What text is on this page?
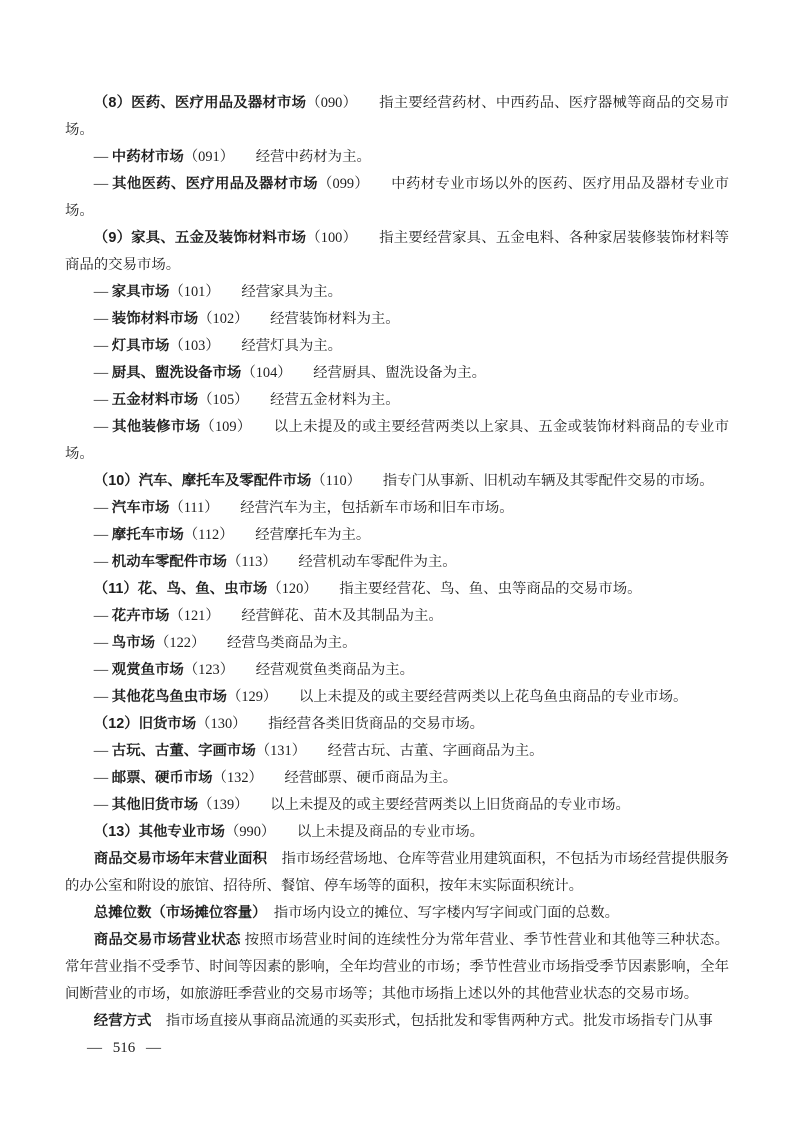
（8）医药、医疗用品及器材市场（090）　　指主要经营药材、中西药品、医疗器械等商品的交易市场。

— 中药材市场（091）　　经营中药材为主。

— 其他医药、医疗用品及器材市场（099）　　中药材专业市场以外的医药、医疗用品及器材专业市场。

（9）家具、五金及装饰材料市场（100）　　指主要经营家具、五金电料、各种家居装修装饰材料等商品的交易市场。

— 家具市场（101）　　经营家具为主。

— 装饰材料市场（102）　　经营装饰材料为主。

— 灯具市场（103）　　经营灯具为主。

— 厨具、盥洗设备市场（104）　　经营厨具、盥洗设备为主。

— 五金材料市场（105）　　经营五金材料为主。

— 其他装修市场（109）　　以上未提及的或主要经营两类以上家具、五金或装饰材料商品的专业市场。

（10）汽车、摩托车及零配件市场（110）　　指专门从事新、旧机动车辆及其零配件交易的市场。

— 汽车市场（111）　　经营汽车为主，包括新车市场和旧车市场。

— 摩托车市场（112）　　经营摩托车为主。

— 机动车零配件市场（113）　　经营机动车零配件为主。

（11）花、鸟、鱼、虫市场（120）　　指主要经营花、鸟、鱼、虫等商品的交易市场。

— 花卉市场（121）　　经营鲜花、苗木及其制品为主。

— 鸟市场（122）　　经营鸟类商品为主。

— 观赏鱼市场（123）　　经营观赏鱼类商品为主。

— 其他花鸟鱼虫市场（129）　　以上未提及的或主要经营两类以上花鸟鱼虫商品的专业市场。

（12）旧货市场（130）　　指经营各类旧货商品的交易市场。

— 古玩、古董、字画市场（131）　　经营古玩、古董、字画商品为主。

— 邮票、硬币市场（132）　　经营邮票、硬币商品为主。

— 其他旧货市场（139）　　以上未提及的或主要经营两类以上旧货商品的专业市场。

（13）其他专业市场（990）　　以上未提及商品的专业市场。

商品交易市场年末营业面积　指市场经营场地、仓库等营业用建筑面积，不包括为市场经营提供服务的办公室和附设的旅馆、招待所、餐馆、停车场等的面积，按年末实际面积统计。

总摊位数（市场摊位容量）　指市场内设立的摊位、写字楼内写字间或门面的总数。

商品交易市场营业状态 按照市场营业时间的连续性分为常年营业、季节性营业和其他等三种状态。常年营业指不受季节、时间等因素的影响，全年均营业的市场；季节性营业市场指受季节因素影响，全年间断营业的市场，如旅游旺季营业的交易市场等；其他市场指上述以外的其他营业状态的交易市场。

经营方式　指市场直接从事商品流通的买卖形式，包括批发和零售两种方式。批发市场指专门从事

— 516 —
